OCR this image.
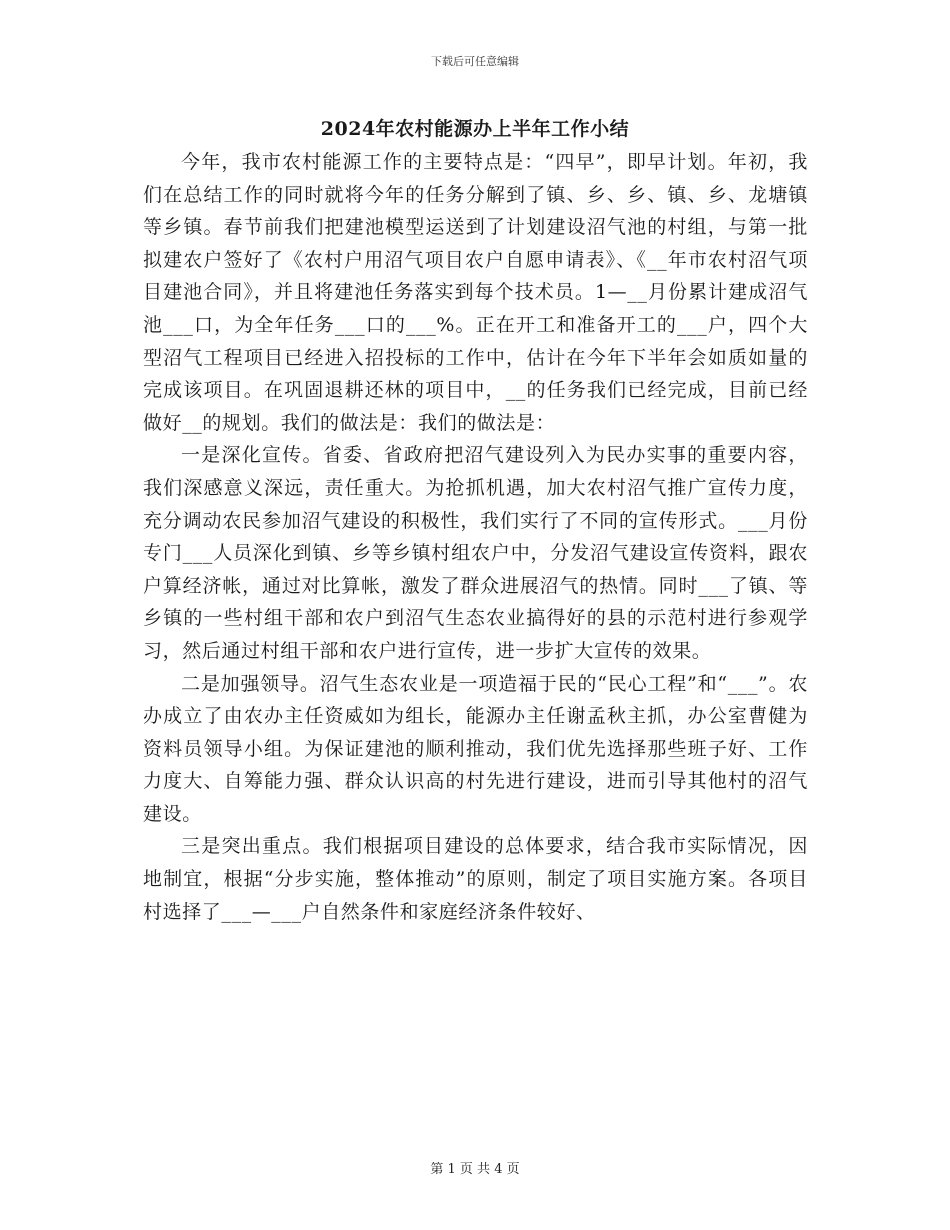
下载后可任意编辑
2024年农村能源办上半年工作小结

今年，我市农村能源工作的主要特点是：“四早”，即早计划。年初，我们在总结工作的同时就将今年的任务分解到了镇、乡、乡、镇、乡、龙塘镇等乡镇。春节前我们把建池模型运送到了计划建设沼气池的村组，与第一批拟建农户签好了《农村户用沼气项目农户自愿申请表》、《__年市农村沼气项目建池合同》，并且将建池任务落实到每个技术员。1—__月份累计建成沼气池___口，为全年任务___口的___%。正在开工和准备开工的___户，四个大型沼气工程项目已经进入招投标的工作中，估计在今年下半年会如质如量的完成该项目。在巩固退耕还林的项目中，__的任务我们已经完成，目前已经做好__的规划。我们的做法是：我们的做法是：

一是深化宣传。省委、省政府把沼气建设列入为民办实事的重要内容，我们深感意义深远，责任重大。为抢抓机遇，加大农村沼气推广宣传力度，充分调动农民参加沼气建设的积极性，我们实行了不同的宣传形式。___月份专门___人员深化到镇、乡等乡镇村组农户中，分发沼气建设宣传资料，跟农户算经济帐，通过对比算帐，激发了群众进展沼气的热情。同时___了镇、等乡镇的一些村组干部和农户到沼气生态农业搞得好的县的示范村进行参观学习，然后通过村组干部和农户进行宣传，进一步扩大宣传的效果。

二是加强领导。沼气生态农业是一项造福于民的“民心工程”和“___”。农办成立了由农办主任资威如为组长，能源办主任谢孟秋主抓，办公室曹健为资料员领导小组。为保证建池的顺利推动，我们优先选择那些班子好、工作力度大、自筹能力强、群众认识高的村先进行建设，进而引导其他村的沼气建设。

三是突出重点。我们根据项目建设的总体要求，结合我市实际情况，因地制宜，根据“分步实施，整体推动”的原则，制定了项目实施方案。各项目村选择了___—___户自然条件和家庭经济条件较好、

第 1 页 共 4 页
